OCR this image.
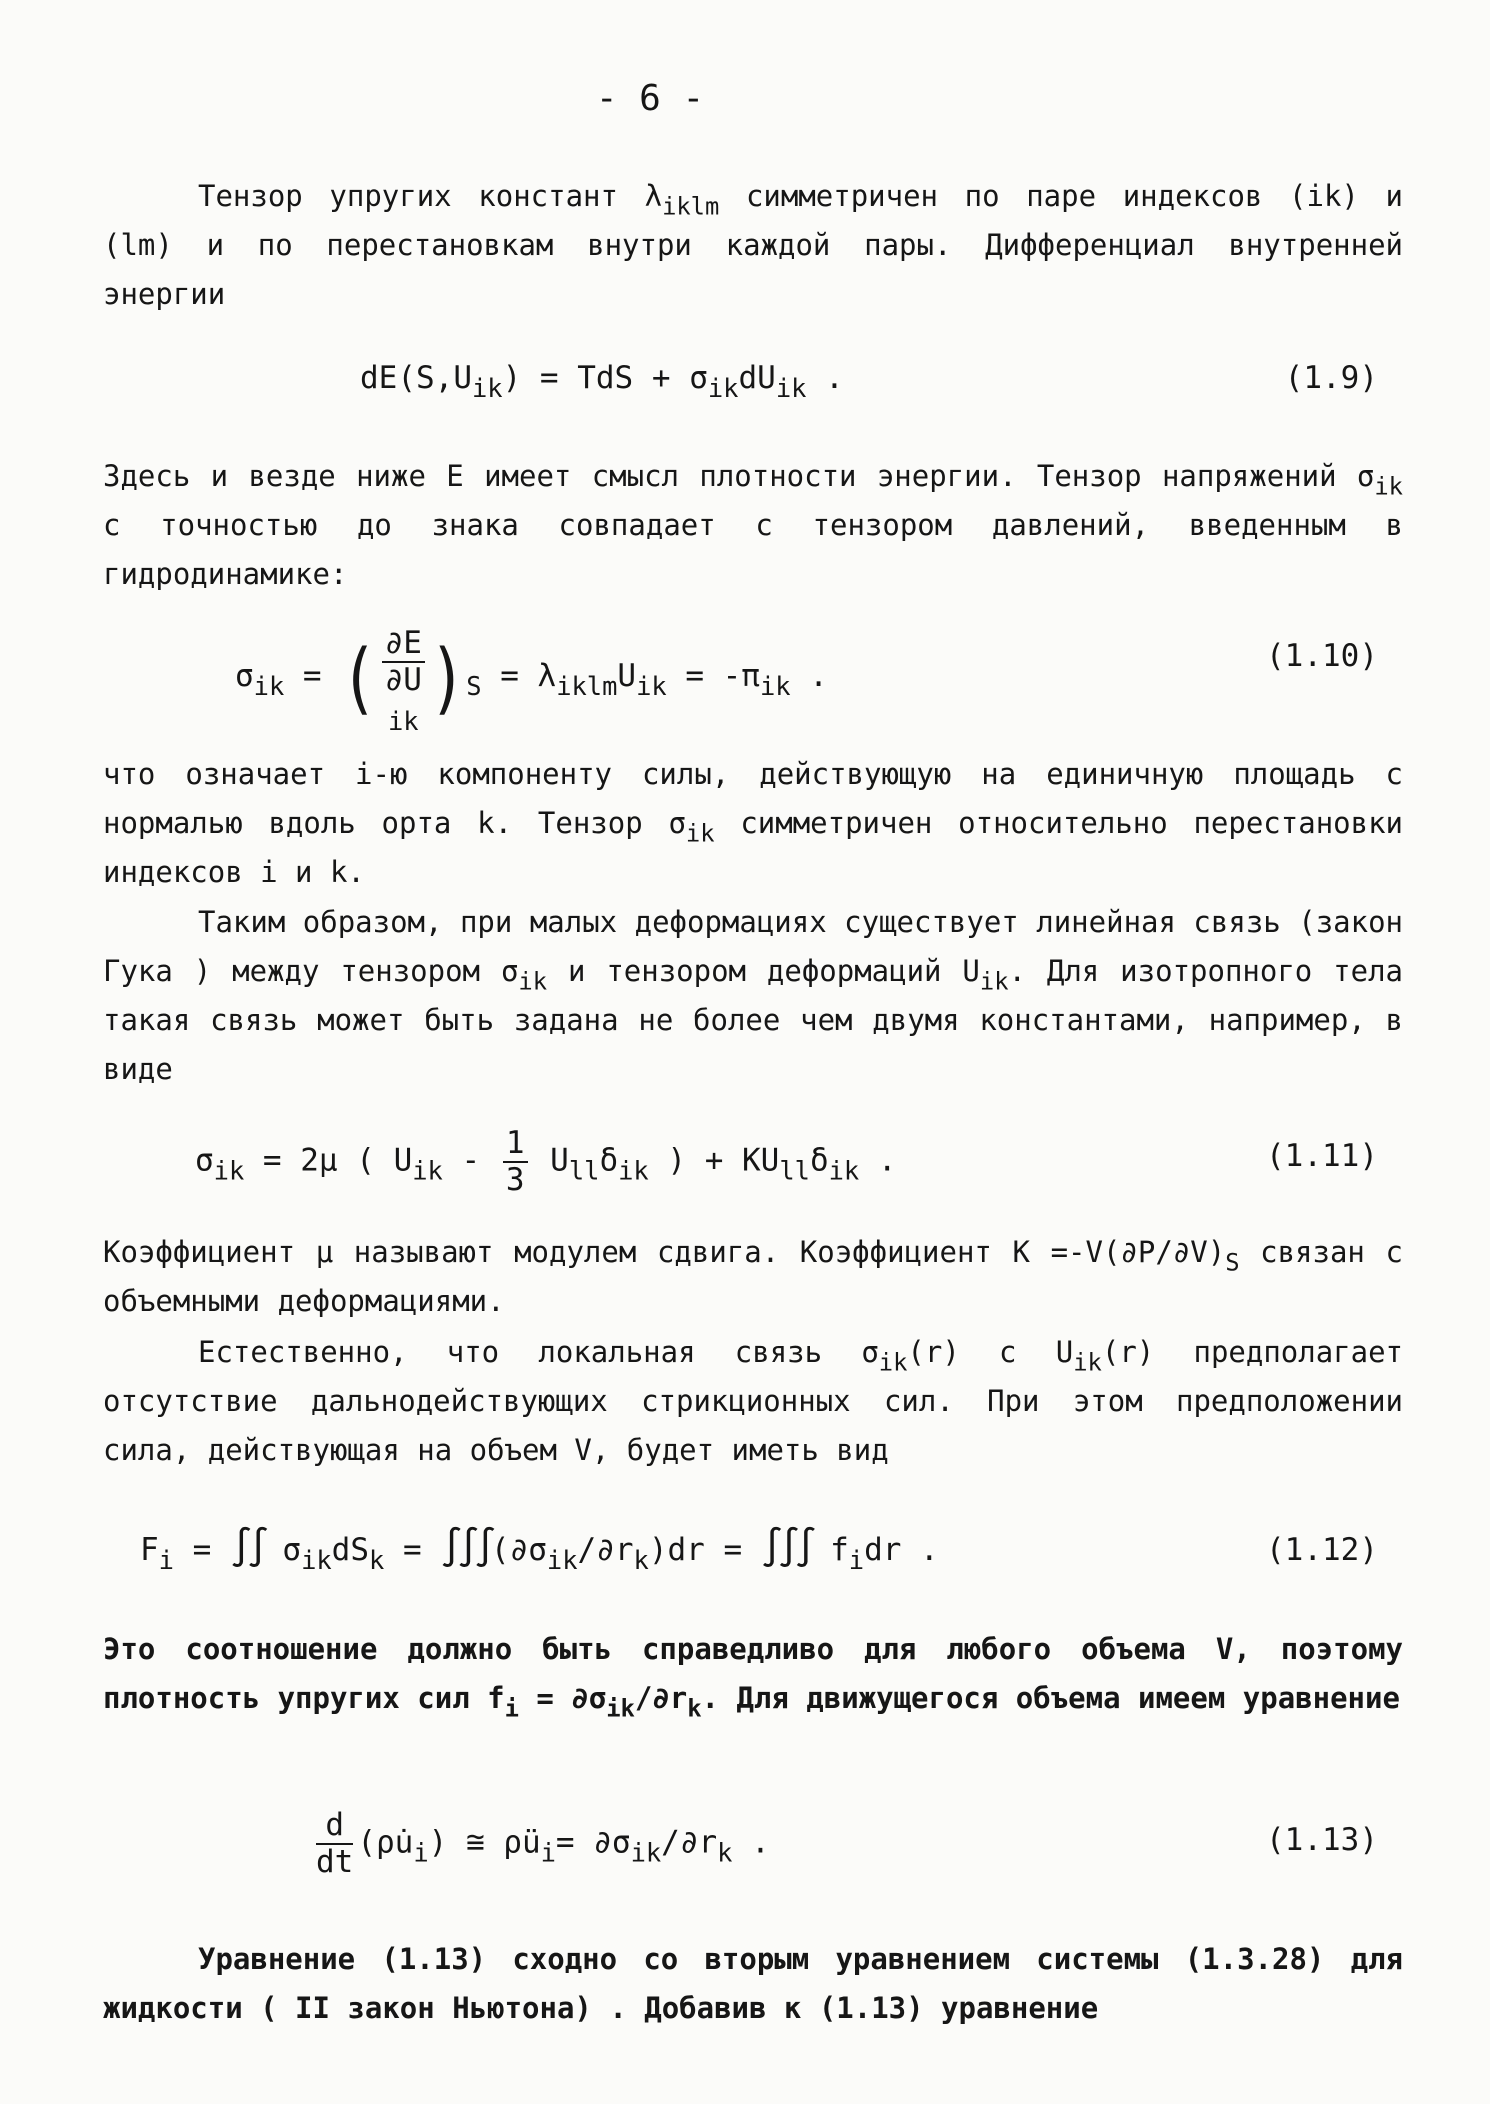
- 6 -
Тензор упругих констант $\lambda_{iklm}$ симметричен по паре индексов (ik) и (lm) и по перестановкам внутри каждой пары. Дифференциал внутренней энергии
$dE(S,U_{ik})$ = TdS + $\sigma_{ik}dU_{ik}$ .	(1.9)
Здесь и везде ниже E имеет смысл плотности энергии. Тензор напряжений $\sigma_{ik}$ с точностью до знака совпадает с тензором давлений, введенным в гидродинамике:
$\sigma_{ik}$ = ( ∂E
∂U
$_{ik}$ )$_S = \lambda_{iklm}U_{ik} = -\pi_{ik}$ .
(1.10)
что означает i-ю компоненту силы, действующую на единичную площадь с нормалью вдоль орта k. Тензор $\sigma_{ik}$ симметричен относительно перестановки индексов i и k.
Таким образом, при малых деформациях существует линейная связь (закон Гука ) между тензором $\sigma_{ik}$ и тензором деформаций $U_{ik}$. Для изотропного тела такая связь может быть задана не более чем двумя константами, например, в виде
$\sigma_{ik} = 2\mu$ ( $U_{ik} - \frac{1}{3} U_{ll}\delta_{ik}$ ) + $KU_{ll}\delta_{ik}$ .	(1.11)
Коэффициент μ называют модулем сдвига. Коэффициент $K =-V(\partial P/\partial V)_S$ связан с объемными деформациями.
Естественно, что локальная связь $\sigma_{ik}(r)$ с $U_{ik}(r)$ предполагает отсутствие дальнодействующих стрикционных сил. При этом предположении сила, действующая на объем V, будет иметь вид
$F_i$ = ∫∫ $\sigma_{ik}dS_k = \int\int\int(\partial\sigma_{ik}/\partial r_k)dr$ = ∫∫∫ $f_idr$ .	(1.12)
Это соотношение должно быть справедливо для любого объема V, поэтому плотность упругих сил $f_i = \partial\sigma_{ik}/\partial r_k$. Для движущегося объема имеем уравнение
$\frac{d}{dt}$ $(\rho u̇_i)$ ≅ $\rho ü_i= \partial\sigma_{ik}/\partial r_k$ .	(1.13)
Уравнение (1.13) сходно со вторым уравнением системы (1.3.28) для жидкости ( II закон Ньютона) . Добавив к (1.13) уравнение
